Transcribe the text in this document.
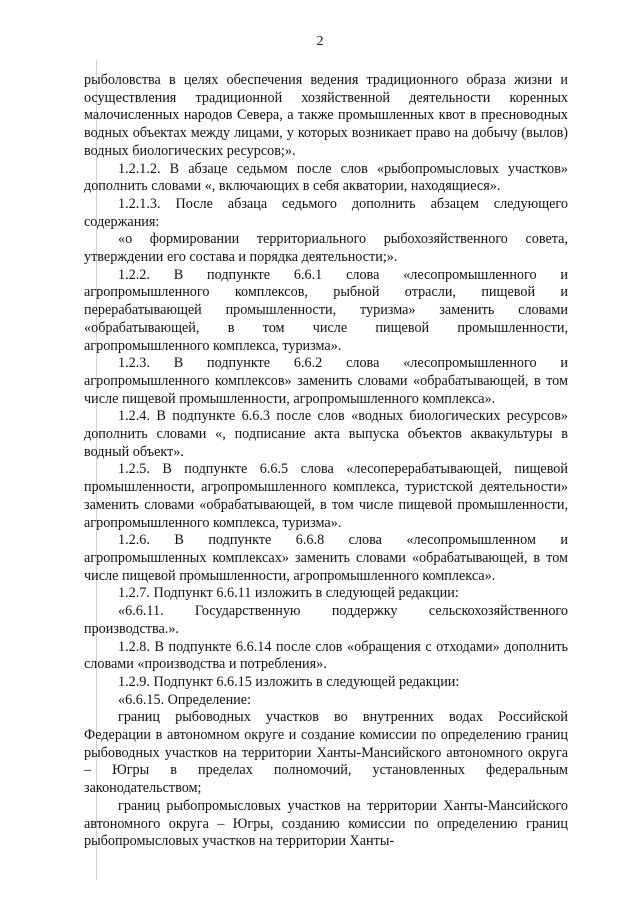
2

рыболовства в целях обеспечения ведения традиционного образа жизни и осуществления традиционной хозяйственной деятельности коренных малочисленных народов Севера, а также промышленных квот в пресноводных водных объектах между лицами, у которых возникает право на добычу (вылов) водных биологических ресурсов;».

1.2.1.2. В абзаце седьмом после слов «рыбопромысловых участков» дополнить словами «, включающих в себя акватории, находящиеся».

1.2.1.3. После абзаца седьмого дополнить абзацем следующего содержания:

«о формировании территориального рыбохозяйственного совета, утверждении его состава и порядка деятельности;».

1.2.2. В подпункте 6.6.1 слова «лесопромышленного и агропромышленного комплексов, рыбной отрасли, пищевой и перерабатывающей промышленности, туризма» заменить словами «обрабатывающей, в том числе пищевой промышленности, агропромышленного комплекса, туризма».

1.2.3. В подпункте 6.6.2 слова «лесопромышленного и агропромышленного комплексов» заменить словами «обрабатывающей, в том числе пищевой промышленности, агропромышленного комплекса».

1.2.4. В подпункте 6.6.3 после слов «водных биологических ресурсов» дополнить словами «, подписание акта выпуска объектов аквакультуры в водный объект».

1.2.5. В подпункте 6.6.5 слова «лесоперерабатывающей, пищевой промышленности, агропромышленного комплекса, туристской деятельности» заменить словами «обрабатывающей, в том числе пищевой промышленности, агропромышленного комплекса, туризма».

1.2.6. В подпункте 6.6.8 слова «лесопромышленном и агропромышленных комплексах» заменить словами «обрабатывающей, в том числе пищевой промышленности, агропромышленного комплекса».

1.2.7. Подпункт 6.6.11 изложить в следующей редакции:

«6.6.11. Государственную поддержку сельскохозяйственного производства.».

1.2.8. В подпункте 6.6.14 после слов «обращения с отходами» дополнить словами «производства и потребления».

1.2.9. Подпункт 6.6.15 изложить в следующей редакции:

«6.6.15. Определение:

границ рыбоводных участков во внутренних водах Российской Федерации в автономном округе и создание комиссии по определению границ рыбоводных участков на территории Ханты-Мансийского автономного округа – Югры в пределах полномочий, установленных федеральным законодательством;

границ рыбопромысловых участков на территории Ханты-Мансийского автономного округа – Югры, созданию комиссии по определению границ рыбопромысловых участков на территории Ханты-
